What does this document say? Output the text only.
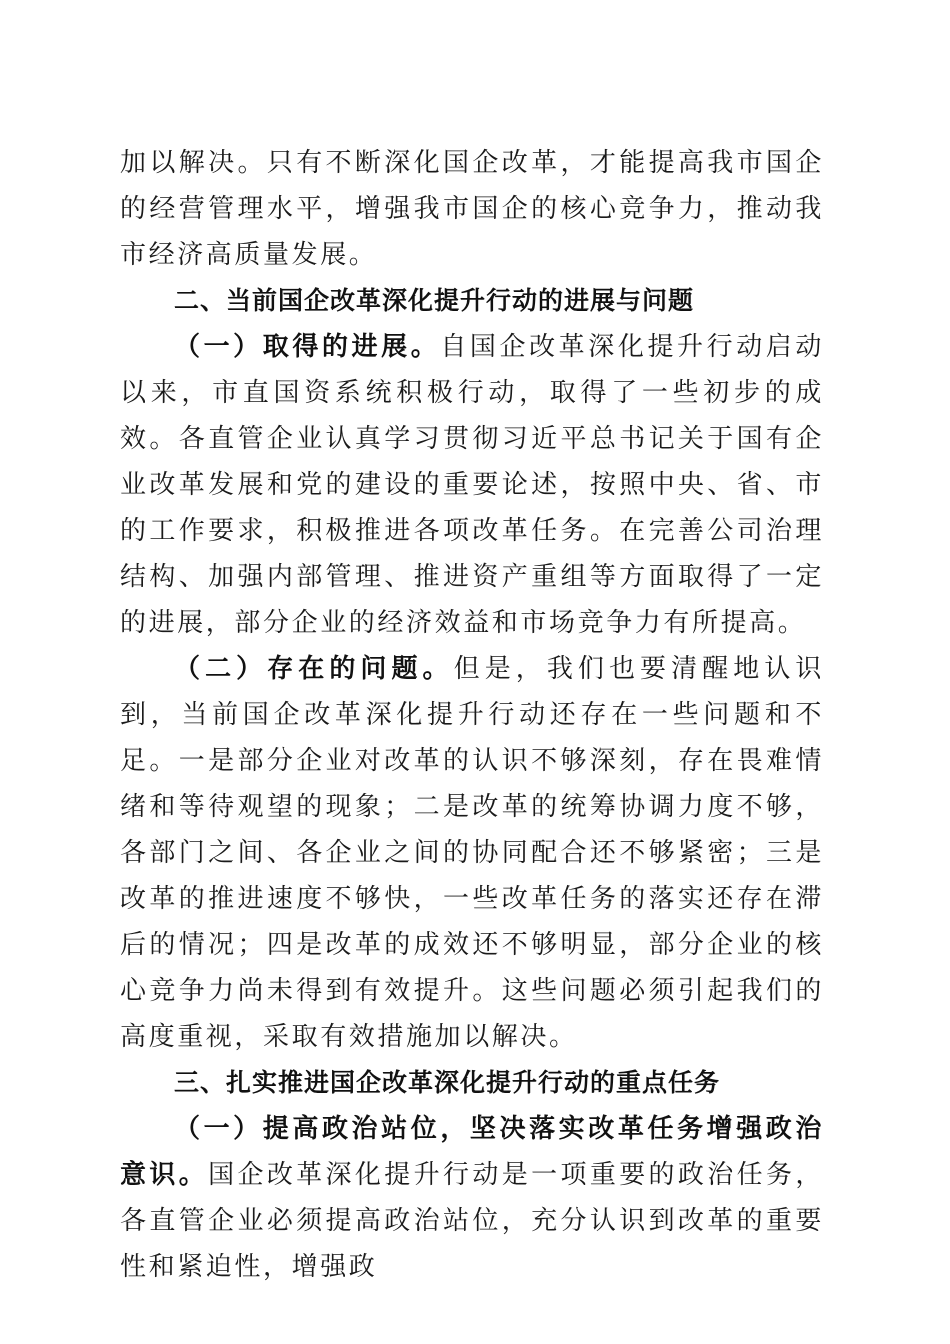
加以解决。只有不断深化国企改革，才能提高我市国企的经营管理水平，增强我市国企的核心竞争力，推动我市经济高质量发展。

二、当前国企改革深化提升行动的进展与问题

（一）取得的进展。自国企改革深化提升行动启动以来，市直国资系统积极行动，取得了一些初步的成效。各直管企业认真学习贯彻习近平总书记关于国有企业改革发展和党的建设的重要论述，按照中央、省、市的工作要求，积极推进各项改革任务。在完善公司治理结构、加强内部管理、推进资产重组等方面取得了一定的进展，部分企业的经济效益和市场竞争力有所提高。

（二）存在的问题。但是，我们也要清醒地认识到，当前国企改革深化提升行动还存在一些问题和不足。一是部分企业对改革的认识不够深刻，存在畏难情绪和等待观望的现象；二是改革的统筹协调力度不够，各部门之间、各企业之间的协同配合还不够紧密；三是改革的推进速度不够快，一些改革任务的落实还存在滞后的情况；四是改革的成效还不够明显，部分企业的核心竞争力尚未得到有效提升。这些问题必须引起我们的高度重视，采取有效措施加以解决。

三、扎实推进国企改革深化提升行动的重点任务

（一）提高政治站位，坚决落实改革任务增强政治意识。国企改革深化提升行动是一项重要的政治任务，各直管企业必须提高政治站位，充分认识到改革的重要性和紧迫性，增强政
